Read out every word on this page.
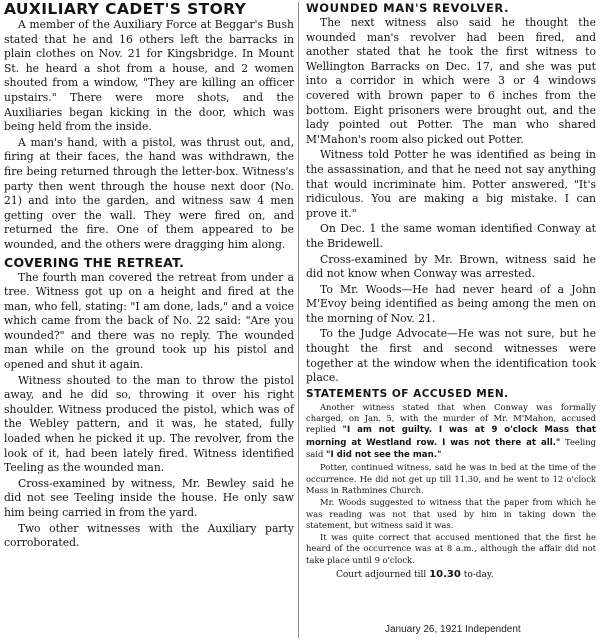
AUXILIARY CADET'S STORY

A member of the Auxiliary Force at Beggar's Bush stated that he and 16 others left the barracks in plain clothes on Nov. 21 for Kingsbridge. In Mount St. he heard a shot from a house, and 2 women shouted from a window, "They are killing an officer upstairs." There were more shots, and the Auxiliaries began kicking in the door, which was being held from the inside.

A man's hand, with a pistol, was thrust out, and, firing at their faces, the hand was withdrawn, the fire being returned through the letter-box. Witness's party then went through the house next door (No. 21) and into the garden, and witness saw 4 men getting over the wall. They were fired on, and returned the fire. One of them appeared to be wounded, and the others were dragging him along.

COVERING THE RETREAT.

The fourth man covered the retreat from under a tree. Witness got up on a height and fired at the man, who fell, stating: "I am done, lads," and a voice which came from the back of No. 22 said: "Are you wounded?" and there was no reply. The wounded man while on the ground took up his pistol and opened and shut it again.

Witness shouted to the man to throw the pistol away, and he did so, throwing it over his right shoulder. Witness produced the pistol, which was of the Webley pattern, and it was, he stated, fully loaded when he picked it up. The revolver, from the look of it, had been lately fired. Witness identified Teeling as the wounded man.

Cross-examined by witness, Mr. Bewley said he did not see Teeling inside the house. He only saw him being carried in from the yard.

Two other witnesses with the Auxiliary party corroborated.

WOUNDED MAN'S REVOLVER.

The next witness also said he thought the wounded man's revolver had been fired, and another stated that he took the first witness to Wellington Barracks on Dec. 17, and she was put into a corridor in which were 3 or 4 windows covered with brown paper to 6 inches from the bottom. Eight prisoners were brought out, and the lady pointed out Potter. The man who shared M'Mahon's room also picked out Potter.

Witness told Potter he was identified as being in the assassination, and that he need not say anything that would incriminate him. Potter answered, "It's ridiculous. You are making a big mistake. I can prove it."

On Dec. 1 the same woman identified Conway at the Bridewell.

Cross-examined by Mr. Brown, witness said he did not know when Conway was arrested.

To Mr. Woods—He had never heard of a John M'Evoy being identified as being among the men on the morning of Nov. 21.

To the Judge Advocate—He was not sure, but he thought the first and second witnesses were together at the window when the identification took place.

STATEMENTS OF ACCUSED MEN.

Another witness stated that when Conway was formally charged, on Jan. 5, with the murder of Mr. M'Mahon, accused replied "I am not guilty. I was at 9 o'clock Mass that morning at Westland row. I was not there at all." Teeling said "I did not see the man."

Potter, continued witness, said he was in bed at the time of the occurrence. He did not get up till 11.30, and he went to 12 o'clock Mass in Rathmines Church.

Mr. Woods suggested to witness that the paper from which he was reading was not that used by him in taking down the statement, but witness said it was.

It was quite correct that accused mentioned that the first he heard of the occurrence was at 8 a.m., although the affair did not take place until 9 o'clock.

Court adjourned till 10.30 to-day.

January 26, 1921 Independent
